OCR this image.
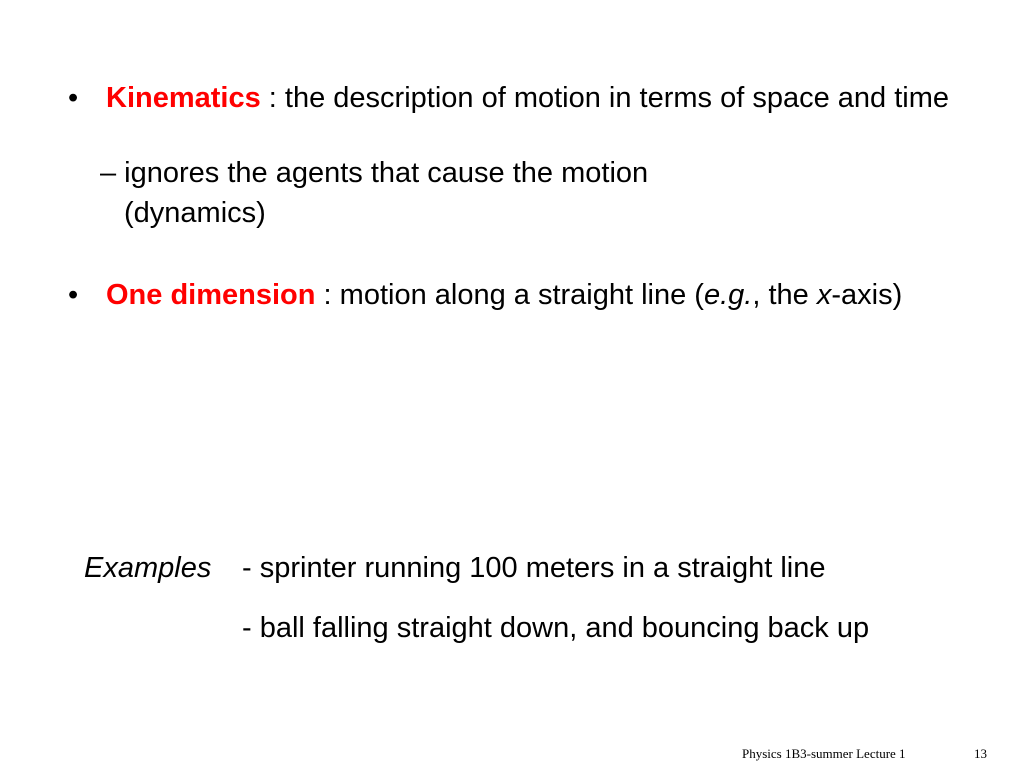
• Kinematics : the description of motion in terms of space and time
– ignores the agents that cause the motion
(dynamics)
• One dimension : motion along a straight line (e.g., the x-axis)
Examples - sprinter running 100 meters in a straight line
- ball falling straight down, and bouncing back up
Physics 1B3-summer Lecture 1	13
